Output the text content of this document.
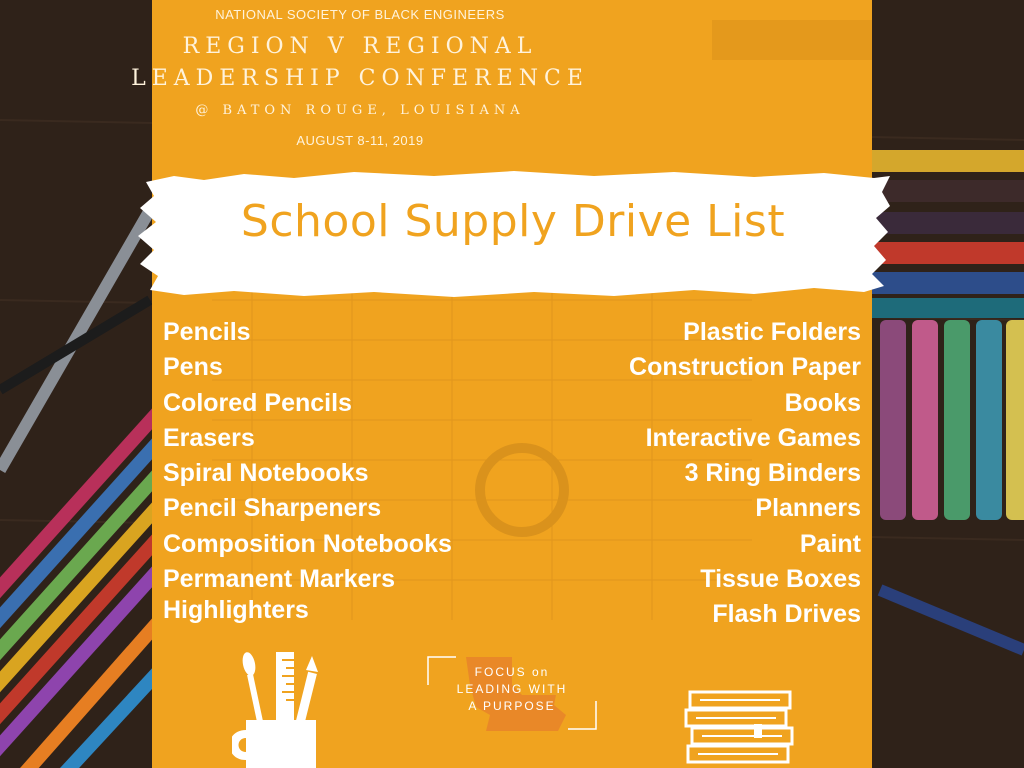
NATIONAL SOCIETY OF BLACK ENGINEERS
REGION V REGIONAL
LEADERSHIP CONFERENCE
@ BATON ROUGE, LOUISIANA
AUGUST 8-11, 2019
School Supply Drive List
Pencils
Pens
Colored Pencils
Erasers
Spiral Notebooks
Pencil Sharpeners
Composition Notebooks
Permanent Markers
Highlighters
Plastic Folders
Construction Paper
Books
Interactive Games
3 Ring Binders
Planners
Paint
Tissue Boxes
Flash Drives
FOCUS on
LEADING WITH
A PURPOSE
